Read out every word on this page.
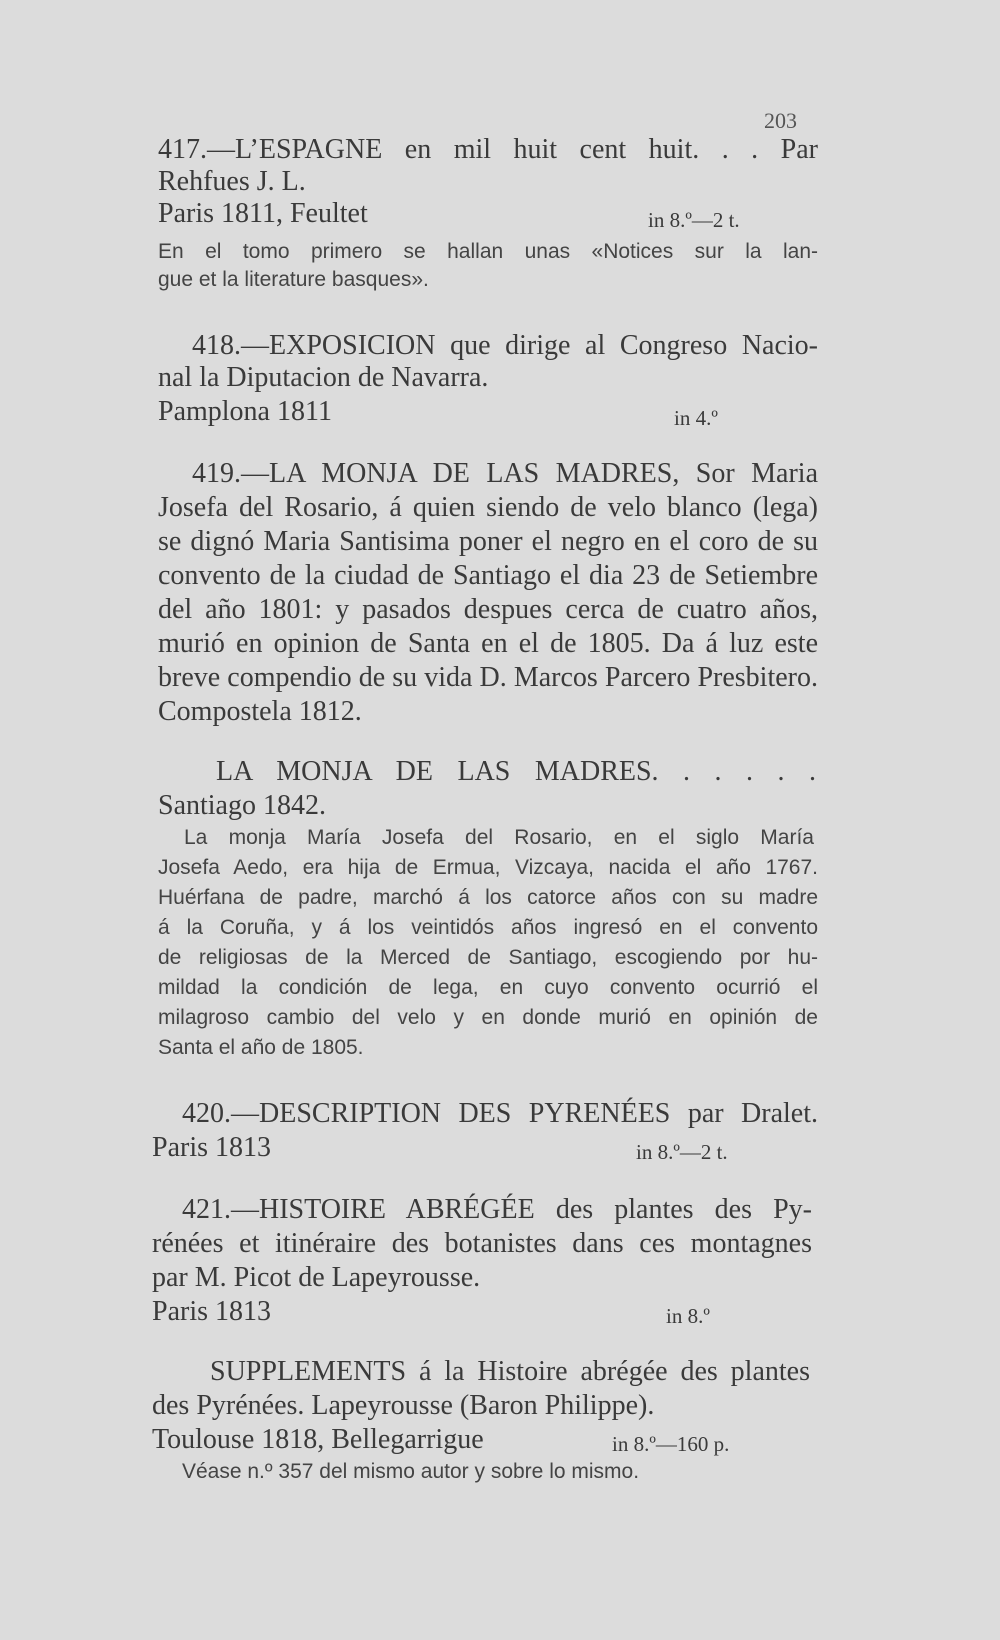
203
417.—L’ESPAGNE en mil huit cent huit. . . Par
Rehfues J. L.
Paris 1811, Feultet	in 8.º—2 t.
En el tomo primero se hallan unas «Notices sur la lan-
gue et la literature basques».
418.—EXPOSICION que dirige al Congreso Nacio-
nal la Diputacion de Navarra.
Pamplona 1811	in 4.º
419.—LA MONJA DE LAS MADRES, Sor Maria
Josefa del Rosario, á quien siendo de velo blanco (lega)
se dignó Maria Santisima poner el negro en el coro de su
convento de la ciudad de Santiago el dia 23 de Setiembre
del año 1801: y pasados despues cerca de cuatro años,
murió en opinion de Santa en el de 1805. Da á luz este
breve compendio de su vida D. Marcos Parcero Presbitero.
Compostela 1812.
LA MONJA DE LAS MADRES. . . . . .
Santiago 1842.
La monja María Josefa del Rosario, en el siglo María
Josefa Aedo, era hija de Ermua, Vizcaya, nacida el año 1767.
Huérfana de padre, marchó á los catorce años con su madre
á la Coruña, y á los veintidós años ingresó en el convento
de religiosas de la Merced de Santiago, escogiendo por hu-
mildad la condición de lega, en cuyo convento ocurrió el
milagroso cambio del velo y en donde murió en opinión de
Santa el año de 1805.
420.—DESCRIPTION DES PYRENÉES par Dralet.
Paris 1813	in 8.º—2 t.
421.—HISTOIRE ABRÉGÉE des plantes des Py-
rénées et itinéraire des botanistes dans ces montagnes
par M. Picot de Lapeyrousse.
Paris 1813	in 8.º
SUPPLEMENTS á la Histoire abrégée des plantes
des Pyrénées. Lapeyrousse (Baron Philippe).
Toulouse 1818, Bellegarrigue	in 8.º—160 p.
Véase n.º 357 del mismo autor y sobre lo mismo.
